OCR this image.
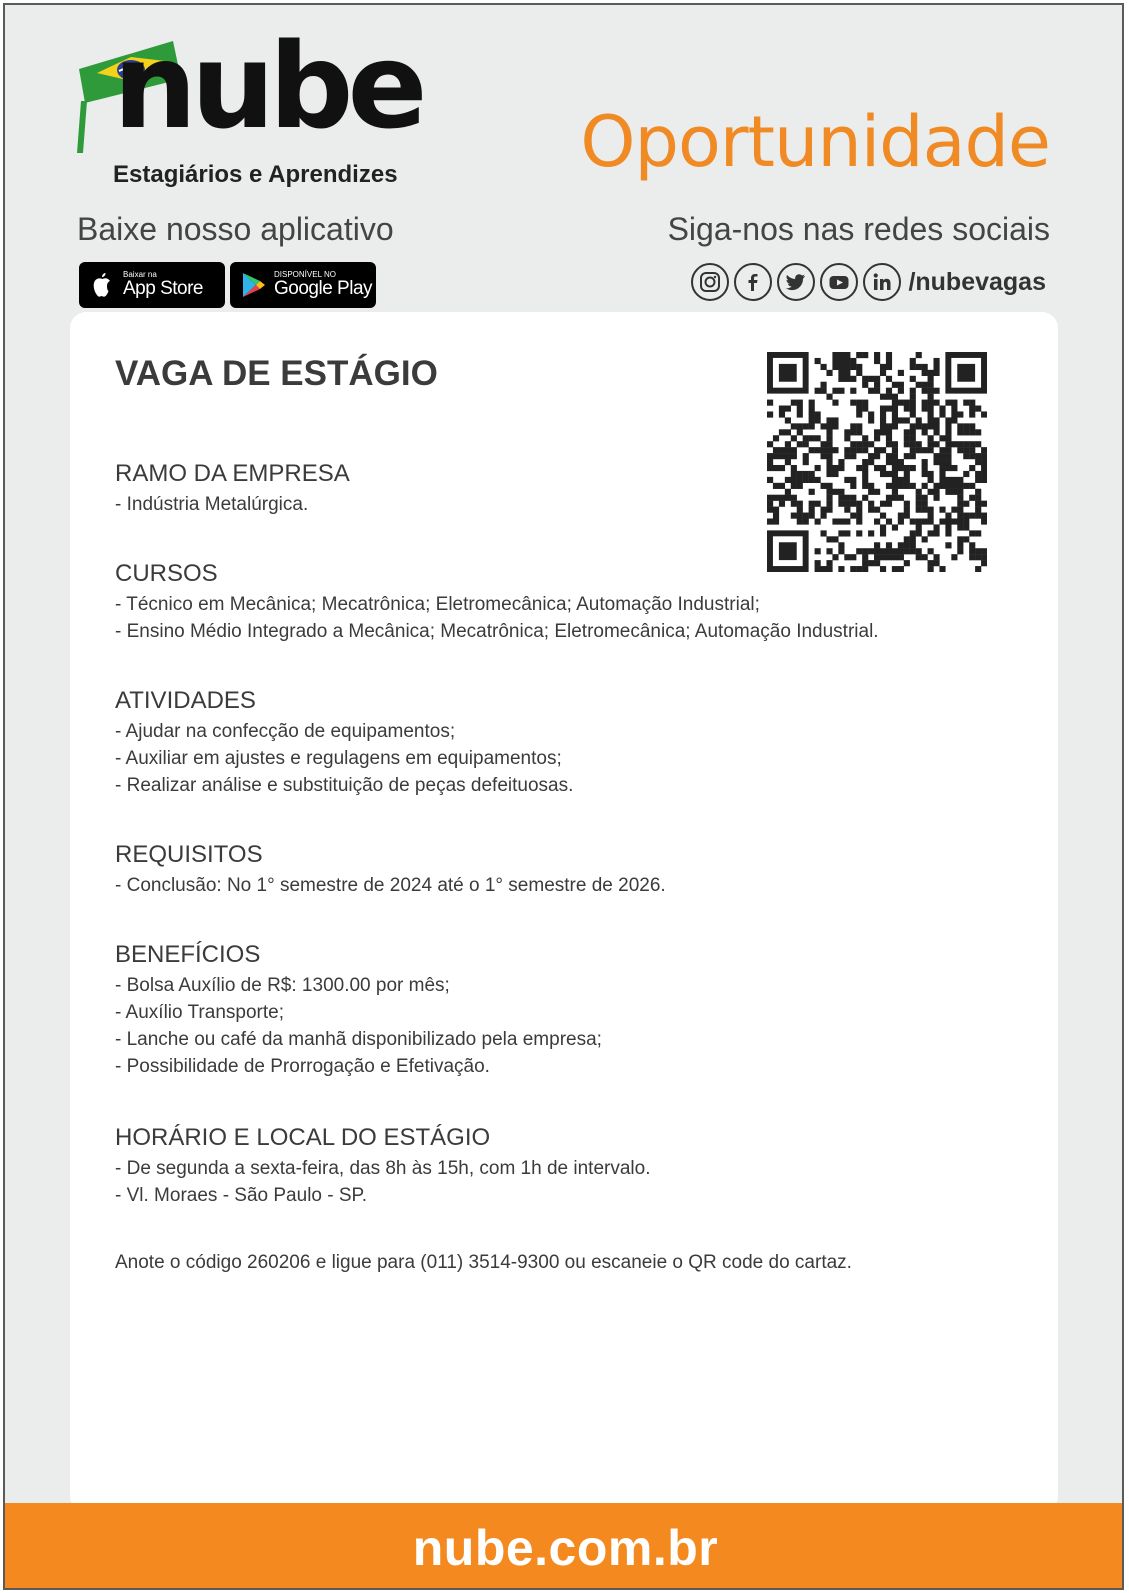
nube
Estagiários e Aprendizes	Oportunidade
Baixe nosso aplicativo	Siga-nos nas redes sociais
Baixar na
App Store
DISPONÍVEL NO
Google Play	/nubevagas
VAGA DE ESTÁGIO
RAMO DA EMPRESA
- Indústria Metalúrgica.
CURSOS
- Técnico em Mecânica; Mecatrônica; Eletromecânica; Automação Industrial;
- Ensino Médio Integrado a Mecânica; Mecatrônica; Eletromecânica; Automação Industrial.
ATIVIDADES
- Ajudar na confecção de equipamentos;
- Auxiliar em ajustes e regulagens em equipamentos;
- Realizar análise e substituição de peças defeituosas.
REQUISITOS
- Conclusão: No 1° semestre de 2024 até o 1° semestre de 2026.
BENEFÍCIOS
- Bolsa Auxílio de R$: 1300.00 por mês;
- Auxílio Transporte;
- Lanche ou café da manhã disponibilizado pela empresa;
- Possibilidade de Prorrogação e Efetivação.
HORÁRIO E LOCAL DO ESTÁGIO
- De segunda a sexta-feira, das 8h às 15h, com 1h de intervalo.
- Vl. Moraes - São Paulo - SP.
Anote o código 260206 e ligue para (011) 3514-9300 ou escaneie o QR code do cartaz.
nube.com.br
